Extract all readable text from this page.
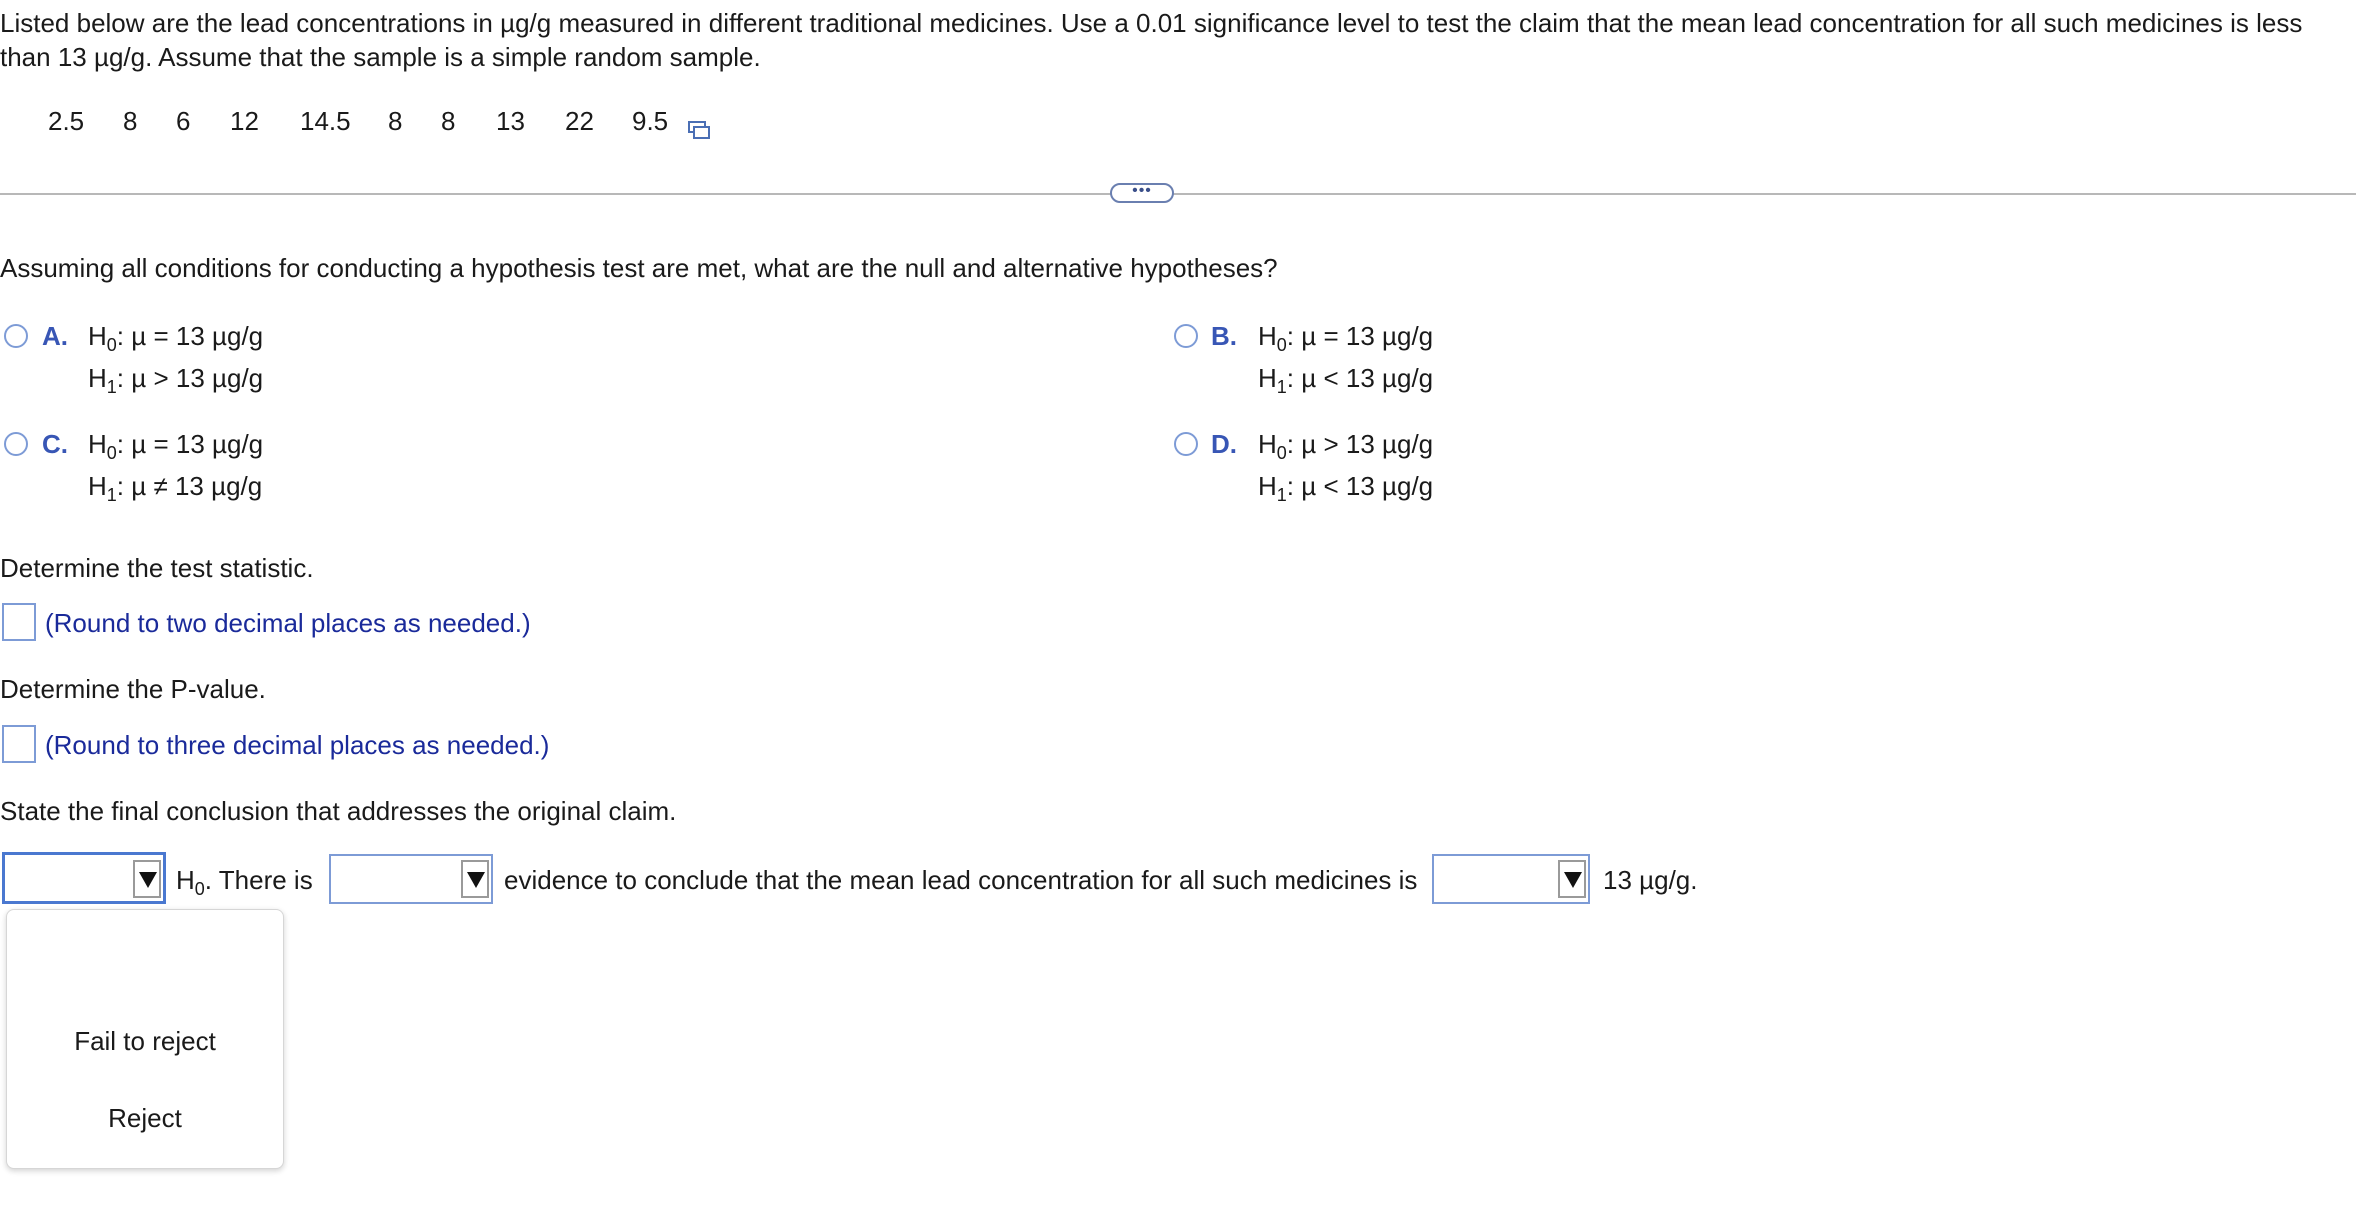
Listed below are the lead concentrations in µg/g measured in different traditional medicines. Use a 0.01 significance level to test the claim that the mean lead concentration for all such medicines is less than 13 µg/g. Assume that the sample is a simple random sample.
2.5 8 6 12 14.5 8 8 13 22 9.5
•••
Assuming all conditions for conducting a hypothesis test are met, what are the null and alternative hypotheses?
A. $H_0$: µ = 13 µg/g
$H_1$: µ > 13 µg/g
B. $H_0$: µ = 13 µg/g
$H_1$: µ < 13 µg/g
C. $H_0$: µ = 13 µg/g
$H_1$: µ ≠ 13 µg/g
D. $H_0$: µ > 13 µg/g
$H_1$: µ < 13 µg/g
Determine the test statistic.
(Round to two decimal places as needed.)
Determine the P-value.
(Round to three decimal places as needed.)
State the final conclusion that addresses the original claim.
$H_0$. There is	evidence to conclude that the mean lead concentration for all such medicines is	13 µg/g.
Fail to reject
Reject
